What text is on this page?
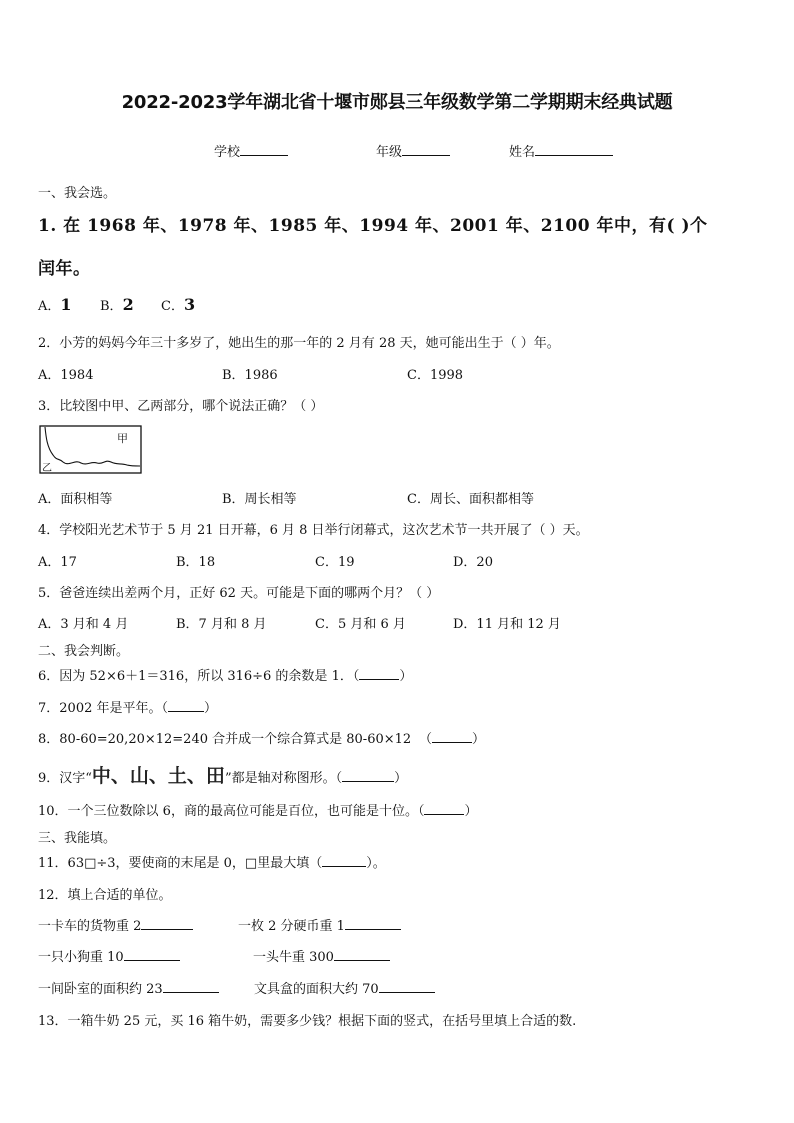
2022-2023学年湖北省十堰市郧县三年级数学第二学期期末经典试题
学校	年级	姓名
一、我会选。
1. 在 1968 年、1978 年、1985 年、1994 年、2001 年、2100 年中，有( )个
闰年。
A．1 B．2 C．3
2．小芳的妈妈今年三十多岁了，她出生的那一年的 2 月有 28 天，她可能出生于（ ）年。
A．1984	B．1986	C．1998
3．比较图中甲、乙两部分，哪个说法正确？（ ）
甲
乙
A．面积相等	B．周长相等	C．周长、面积都相等
4．学校阳光艺术节于 5 月 21 日开幕，6 月 8 日举行闭幕式，这次艺术节一共开展了（ ）天。
A．17	B．18	C．19	D．20
5．爸爸连续出差两个月，正好 62 天。可能是下面的哪两个月？（ ）
A．3 月和 4 月	B．7 月和 8 月	C．5 月和 6 月	D．11 月和 12 月
二、我会判断。
6．因为 52×6＋1＝316，所以 316÷6 的余数是 1．（	）
7．2002 年是平年。（	）
8．80-60=20,20×12=240 合并成一个综合算式是 80-60×12 （	）
9．汉字“中、山、土、田”都是轴对称图形。（	）
10．一个三位数除以 6，商的最高位可能是百位，也可能是十位。（	）
三、我能填。
11．63□÷3，要使商的末尾是 0，□里最大填（	）。
12．填上合适的单位。
一卡车的货物重 2	一枚 2 分硬币重 1
一只小狗重 10	一头牛重 300
一间卧室的面积约 23	文具盒的面积大约 70
13．一箱牛奶 25 元，买 16 箱牛奶，需要多少钱？根据下面的竖式，在括号里填上合适的数.
